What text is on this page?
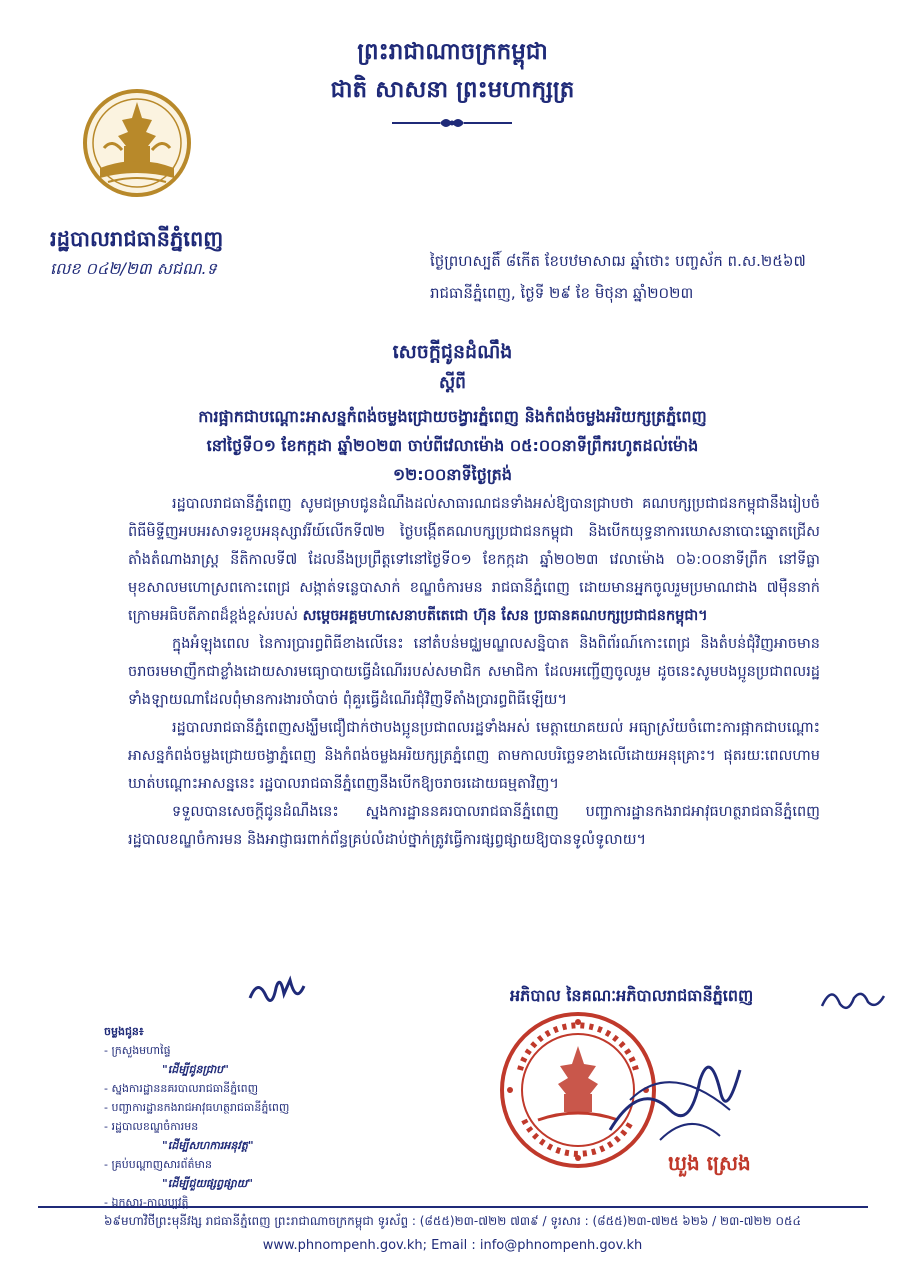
ព្រះរាជាណាចក្រកម្ពុជា
ជាតិ សាសនា ព្រះមហាក្សត្រ
រដ្ឋបាលរាជធានីភ្នំពេញ
លេខ ០៤២/២៣ សជណ.ទ	ថ្ងៃព្រហស្បតិ៍ ៨កើត ខែបឋមាសាឍ ឆ្នាំថោះ បញ្ចស័ក ព.ស.២៥៦៧
រាជធានីភ្នំពេញ, ថ្ងៃទី ២៩ ខែ មិថុនា ឆ្នាំ២០២៣
សេចក្តីជូនដំណឹង
ស្តីពី
ការផ្អាកជាបណ្តោះអាសន្នកំពង់ចម្លងជ្រោយចង្វារភ្នំពេញ និងកំពង់ចម្លងអរិយក្សត្រភ្នំពេញ
នៅថ្ងៃទី០១ ខែកក្កដា ឆ្នាំ២០២៣ ចាប់ពីវេលាម៉ោង ០៥:០០នាទីព្រឹករហូតដល់ម៉ោង
១២:០០នាទីថ្ងៃត្រង់

រដ្ឋបាលរាជធានីភ្នំពេញ សូមជម្រាបជូនដំណឹងដល់សាធារណជនទាំងអស់ឱ្យបានជ្រាបថា គណបក្សប្រជាជនកម្ពុជានឹងរៀបចំពិធីមិទ្ទីញអបអរសាទរខួបអនុស្សាវរីយ៍លើកទី៧២ ថ្ងៃបង្កើតគណបក្សប្រជាជនកម្ពុជា និងបើកយុទ្ធនាការឃោសនាបោះឆ្នោតជ្រើសតាំងតំណាងរាស្ត្រ នីតិកាលទី៧ ដែលនឹងប្រព្រឹត្តទៅនៅថ្ងៃទី០១ ខែកក្កដា ឆ្នាំ២០២៣ វេលាម៉ោង ០៦:០០នាទីព្រឹក នៅទីធ្លាមុខសាលមហោស្រពកោះពេជ្រ សង្កាត់ទន្លេបាសាក់ ខណ្ឌចំការមន រាជធានីភ្នំពេញ ដោយមានអ្នកចូលរួមប្រមាណជាង ៧ម៉ឺននាក់ ក្រោមអធិបតីភាពដ៏ខ្ពង់ខ្ពស់របស់ សម្តេចអគ្គមហាសេនាបតីតេជោ ហ៊ុន សែន ប្រធានគណបក្សប្រជាជនកម្ពុជា។

ក្នុងអំឡុងពេល នៃការប្រារព្ធពិធីខាងលើនេះ នៅតំបន់មជ្ឈមណ្ឌលសន្និបាត និងពិព័រណ៍កោះពេជ្រ និងតំបន់ជុំវិញអាចមានចរាចរមមាញឹកជាខ្លាំងដោយសារមធ្យោបាយធ្វើដំណើររបស់សមាជិក សមាជិកា ដែលអញ្ជើញចូលរួម ដូចនេះសូមបងប្អូនប្រជាពលរដ្ឋទាំងឡាយណាដែលពុំមានការងារចាំបាច់ ពុំគួរធ្វើដំណើរជុំវិញទីតាំងប្រារព្ធពិធីឡើយ។

រដ្ឋបាលរាជធានីភ្នំពេញសង្ឃឹមជឿជាក់ថាបងប្អូនប្រជាពលរដ្ឋទាំងអស់ មេត្តាយោគយល់ អធ្យាស្រ័យចំពោះការផ្អាកជាបណ្តោះអាសន្នកំពង់ចម្លងជ្រោយចង្វាភ្នំពេញ និងកំពង់ចម្លងអរិយក្សត្រភ្នំពេញ តាមកាលបរិច្ឆេទខាងលើដោយអនុគ្រោះ។ ផុតរយៈពេលហាមឃាត់បណ្តោះអាសន្ននេះ រដ្ឋបាលរាជធានីភ្នំពេញនឹងបើកឱ្យចរាចរដោយធម្មតាវិញ។

ទទួលបានសេចក្តីជូនដំណឹងនេះ ស្នងការដ្ឋាននគរបាលរាជធានីភ្នំពេញ បញ្ជាការដ្ឋានកងរាជអាវុធហត្ថរាជធានីភ្នំពេញ រដ្ឋបាលខណ្ឌចំការមន និងអាជ្ញាធរពាក់ព័ន្ធគ្រប់លំដាប់ថ្នាក់ត្រូវធ្វើការផ្សព្វផ្សាយឱ្យបានទូលំទូលាយ។

អភិបាល នៃគណៈអភិបាលរាជធានីភ្នំពេញ
ឃួង ស្រេង
ចម្លងជូន៖
- ក្រសួងមហាផ្ទៃ
"ដើម្បីជូនជ្រាប"
- ស្នងការដ្ឋាននគរបាលរាជធានីភ្នំពេញ
- បញ្ជាការដ្ឋានកងរាជអាវុធហត្ថរាជធានីភ្នំពេញ
- រដ្ឋបាលខណ្ឌចំការមន
"ដើម្បីសហការអនុវត្ត"
- គ្រប់បណ្តាញសារព័ត៌មាន
"ដើម្បីជួយផ្សព្វផ្សាយ"
- ឯកសារ-កាលប្បវត្តិ
៦៩មហាវិថីព្រះមុនីវង្ស រាជធានីភ្នំពេញ ព្រះរាជាណាចក្រកម្ពុជា ទូរស័ព្ទ : (៨៥៥)២៣-៧២២ ៧៣៩ / ទូរសារ : (៨៥៥)២៣-៧២៥ ៦២៦ / ២៣-៧២២ ០៥៤
www.phnompenh.gov.kh; Email : info@phnompenh.gov.kh
